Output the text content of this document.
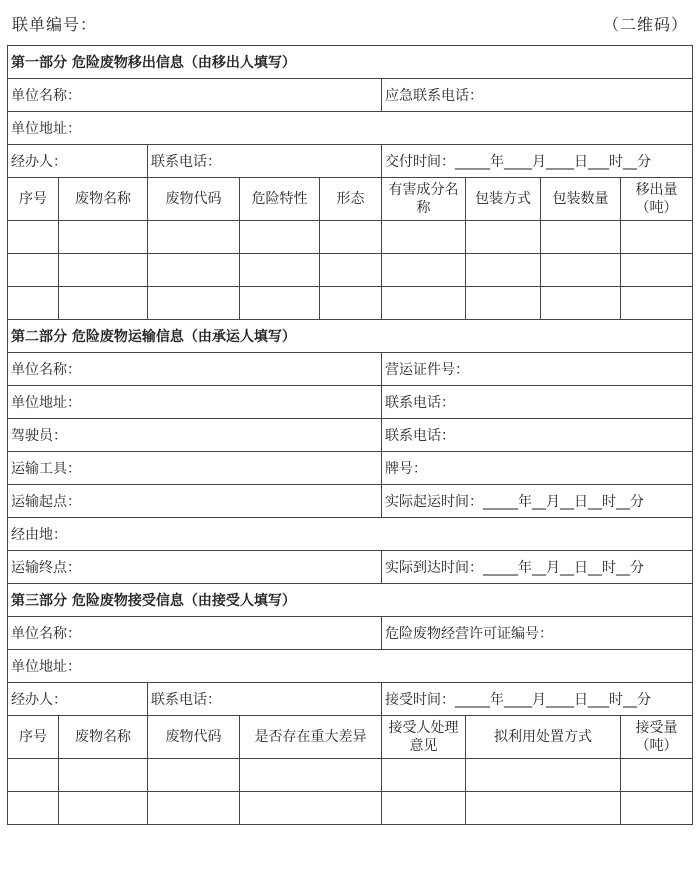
联单编号：	（二维码）
第一部分 危险废物移出信息（由移出人填写）								
单位名称：					应急联系电话：			
单位地址：								
经办人：		联系电话：			交付时间：_____年____月____日___时__分			
序号	废物名称	废物代码	危险特性	形态	有害成分名称	包装方式	包装数量	移出量（吨）

第二部分 危险废物运输信息（由承运人填写）								
单位名称：					营运证件号：			
单位地址：					联系电话：			
驾驶员：					联系电话：			
运输工具：					牌号：			
运输起点：					实际起运时间：_____年__月__日__时__分			
经由地：								
运输终点：					实际到达时间：_____年__月__日__时__分			
第三部分 危险废物接受信息（由接受人填写）								
单位名称：					危险废物经营许可证编号：			
单位地址：								
经办人：		联系电话：			接受时间：_____年____月____日___时__分			
序号	废物名称	废物代码	是否存在重大差异		接受人处理意见	拟利用处置方式		接受量（吨）
